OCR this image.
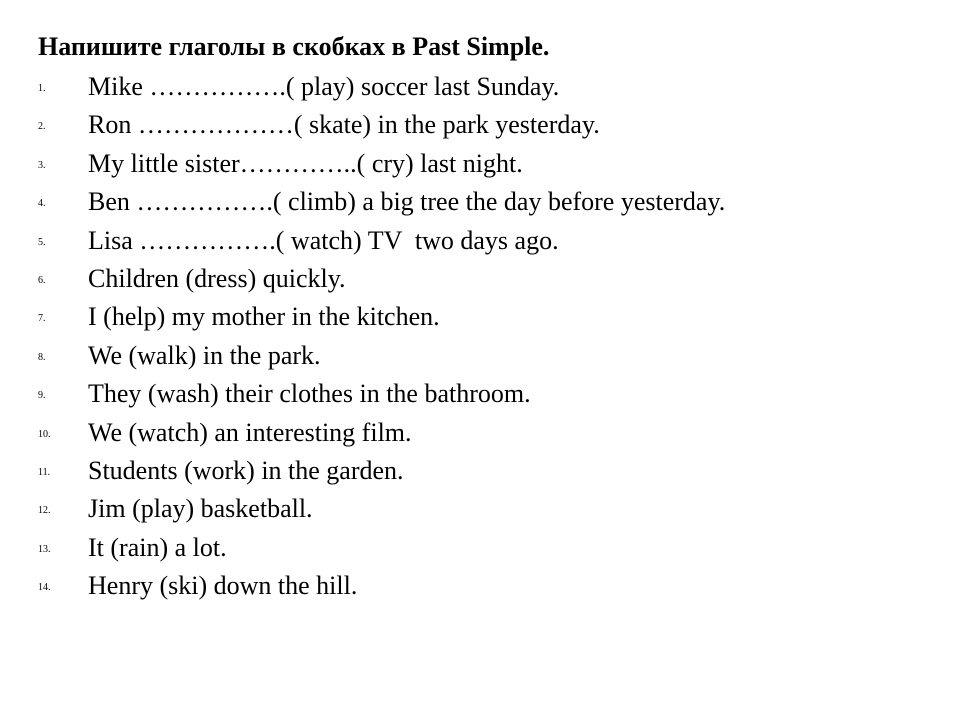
Напишите глаголы в скобках в Past Simple.
1. Mike …………….( play) soccer last Sunday.
2. Ron ………………( skate) in the park yesterday.
3. My little sister…………..( cry) last night.
4. Ben …………….( climb) a big tree the day before yesterday.
5. Lisa …………….( watch) TV  two days ago.
6. Children (dress) quickly.
7. I (help) my mother in the kitchen.
8. We (walk) in the park.
9. They (wash) their clothes in the bathroom.
10. We (watch) an interesting film.
11. Students (work) in the garden.
12. Jim (play) basketball.
13. It (rain) a lot.
14. Henry (ski) down the hill.
